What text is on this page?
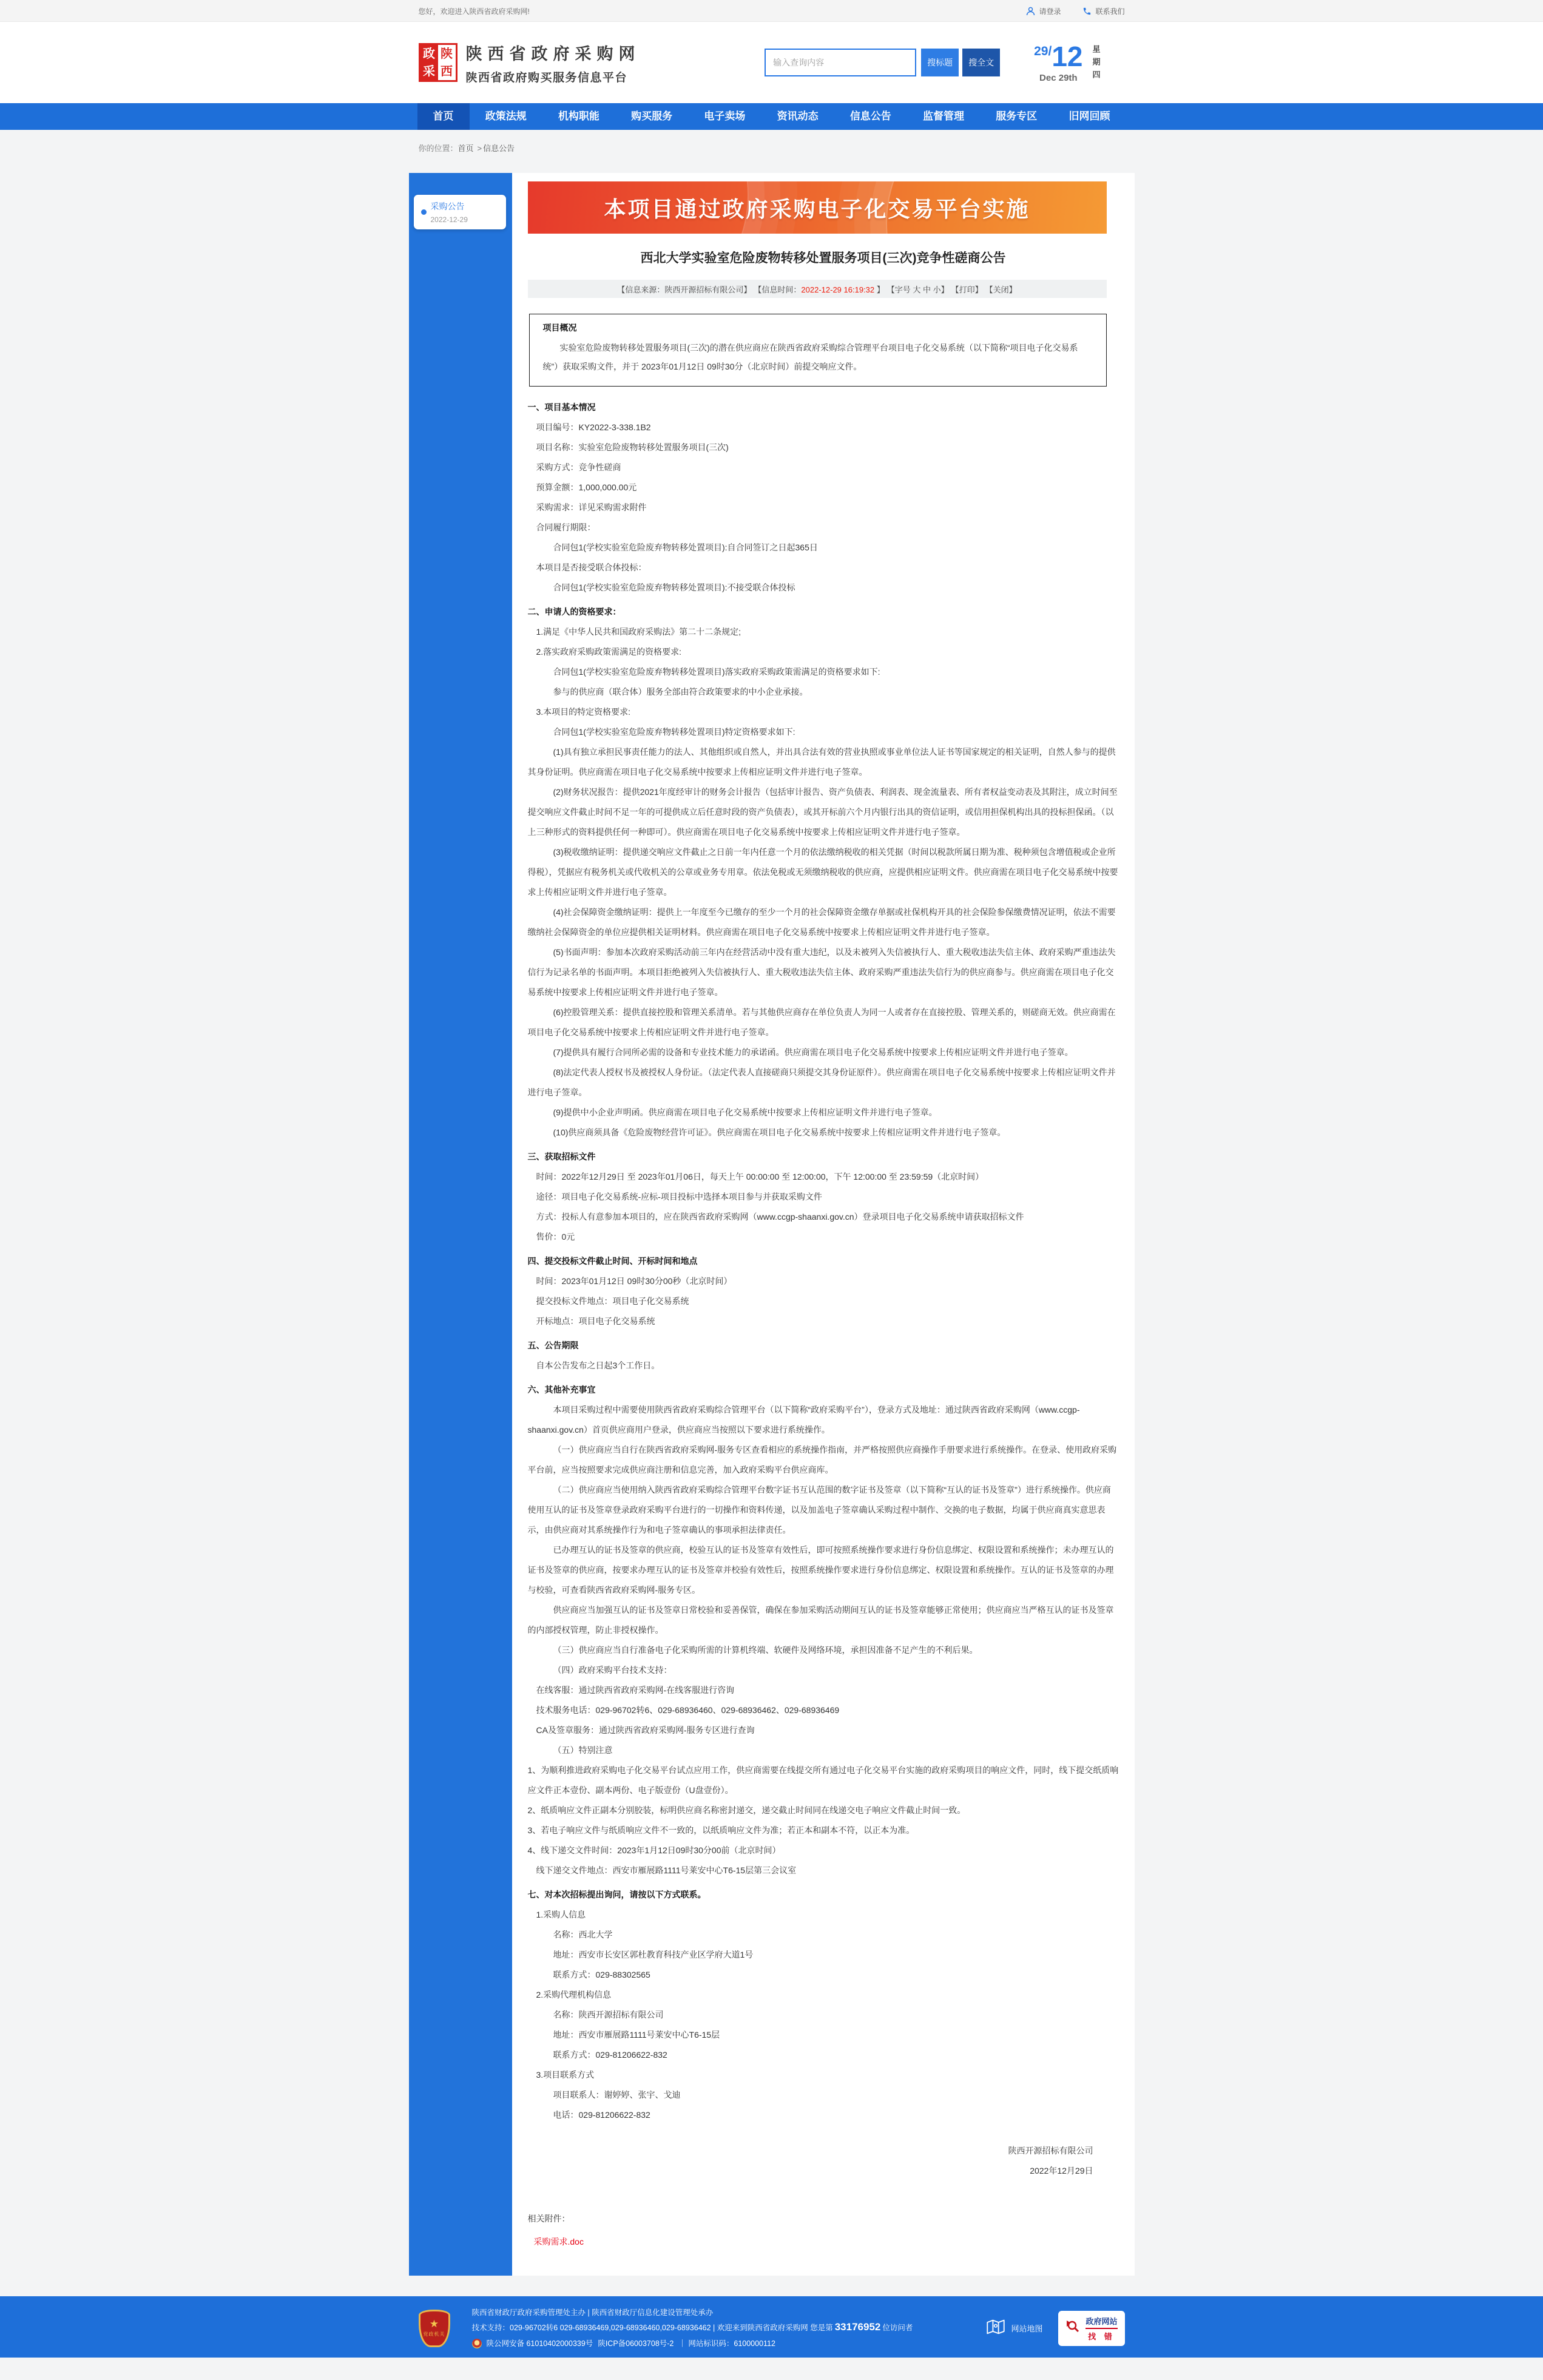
您好，欢迎进入陕西省政府采购网!	请登录	联系我们
政 陕
采 西
陕西省政府采购网
陕西省政府购买服务信息平台
输入查询内容
搜标题	搜全文
29/12
Dec 29th	星期四
首页	政策法规	机构职能	购买服务	电子卖场	资讯动态	信息公告	监督管理	服务专区	旧网回顾
你的位置：首页 > 信息公告
采购公告
2022-12-29	本项目通过政府采购电子化交易平台实施
西北大学实验室危险废物转移处置服务项目(三次)竞争性磋商公告
【信息来源：陕西开源招标有限公司】 【信息时间：2022-12-29 16:19:32 】 【字号 大 中 小】 【打印】 【关闭】
项目概况
实验室危险废物转移处置服务项目(三次)的潜在供应商应在陕西省政府采购综合管理平台项目电子化交易系统（以下简称“项目电子化交易系统”）获取采购文件，并于 2023年01月12日 09时30分（北京时间）前提交响应文件。

一、项目基本情况

项目编号：KY2022-3-338.1B2

项目名称：实验室危险废物转移处置服务项目(三次)

采购方式：竞争性磋商

预算金额：1,000,000.00元

采购需求：详见采购需求附件

合同履行期限：

合同包1(学校实验室危险废弃物转移处置项目):自合同签订之日起365日

本项目是否接受联合体投标：

合同包1(学校实验室危险废弃物转移处置项目):不接受联合体投标

二、申请人的资格要求：

1.满足《中华人民共和国政府采购法》第二十二条规定;

2.落实政府采购政策需满足的资格要求:

合同包1(学校实验室危险废弃物转移处置项目)落实政府采购政策需满足的资格要求如下:

参与的供应商（联合体）服务全部由符合政策要求的中小企业承接。

3.本项目的特定资格要求:

合同包1(学校实验室危险废弃物转移处置项目)特定资格要求如下:

(1)具有独立承担民事责任能力的法人、其他组织或自然人，并出具合法有效的营业执照或事业单位法人证书等国家规定的相关证明，自然人参与的提供其身份证明。供应商需在项目电子化交易系统中按要求上传相应证明文件并进行电子签章。

(2)财务状况报告：提供2021年度经审计的财务会计报告（包括审计报告、资产负债表、利润表、现金流量表、所有者权益变动表及其附注，成立时间至提交响应文件截止时间不足一年的可提供成立后任意时段的资产负债表），或其开标前六个月内银行出具的资信证明，或信用担保机构出具的投标担保函。（以上三种形式的资料提供任何一种即可）。供应商需在项目电子化交易系统中按要求上传相应证明文件并进行电子签章。

(3)税收缴纳证明：提供递交响应文件截止之日前一年内任意一个月的依法缴纳税收的相关凭据（时间以税款所属日期为准、税种须包含增值税或企业所得税），凭据应有税务机关或代收机关的公章或业务专用章。依法免税或无须缴纳税收的供应商，应提供相应证明文件。供应商需在项目电子化交易系统中按要求上传相应证明文件并进行电子签章。

(4)社会保障资金缴纳证明：提供上一年度至今已缴存的至少一个月的社会保障资金缴存单据或社保机构开具的社会保险参保缴费情况证明，依法不需要缴纳社会保障资金的单位应提供相关证明材料。供应商需在项目电子化交易系统中按要求上传相应证明文件并进行电子签章。

(5)书面声明：参加本次政府采购活动前三年内在经营活动中没有重大违纪，以及未被列入失信被执行人、重大税收违法失信主体、政府采购严重违法失信行为记录名单的书面声明。本项目拒绝被列入失信被执行人、重大税收违法失信主体、政府采购严重违法失信行为的供应商参与。供应商需在项目电子化交易系统中按要求上传相应证明文件并进行电子签章。

(6)控股管理关系：提供直接控股和管理关系清单。若与其他供应商存在单位负责人为同一人或者存在直接控股、管理关系的，则磋商无效。供应商需在项目电子化交易系统中按要求上传相应证明文件并进行电子签章。

(7)提供具有履行合同所必需的设备和专业技术能力的承诺函。供应商需在项目电子化交易系统中按要求上传相应证明文件并进行电子签章。

(8)法定代表人授权书及被授权人身份证。（法定代表人直接磋商只须提交其身份证原件）。供应商需在项目电子化交易系统中按要求上传相应证明文件并进行电子签章。

(9)提供中小企业声明函。供应商需在项目电子化交易系统中按要求上传相应证明文件并进行电子签章。

(10)供应商须具备《危险废物经营许可证》。供应商需在项目电子化交易系统中按要求上传相应证明文件并进行电子签章。

三、获取招标文件

时间：2022年12月29日 至 2023年01月06日，每天上午 00:00:00 至 12:00:00，下午 12:00:00 至 23:59:59（北京时间）

途径：项目电子化交易系统-应标-项目投标中选择本项目参与并获取采购文件

方式：投标人有意参加本项目的，应在陕西省政府采购网（www.ccgp-shaanxi.gov.cn）登录项目电子化交易系统申请获取招标文件

售价：0元

四、提交投标文件截止时间、开标时间和地点

时间：2023年01月12日 09时30分00秒（北京时间）

提交投标文件地点：项目电子化交易系统

开标地点：项目电子化交易系统

五、公告期限

自本公告发布之日起3个工作日。

六、其他补充事宜

本项目采购过程中需要使用陕西省政府采购综合管理平台（以下简称“政府采购平台”），登录方式及地址：通过陕西省政府采购网（www.ccgp-shaanxi.gov.cn）首页供应商用户登录，供应商应当按照以下要求进行系统操作。

（一）供应商应当自行在陕西省政府采购网-服务专区查看相应的系统操作指南，并严格按照供应商操作手册要求进行系统操作。在登录、使用政府采购平台前，应当按照要求完成供应商注册和信息完善，加入政府采购平台供应商库。

（二）供应商应当使用纳入陕西省政府采购综合管理平台数字证书互认范围的数字证书及签章（以下简称“互认的证书及签章”）进行系统操作。供应商使用互认的证书及签章登录政府采购平台进行的一切操作和资料传递，以及加盖电子签章确认采购过程中制作、交换的电子数据，均属于供应商真实意思表示，由供应商对其系统操作行为和电子签章确认的事项承担法律责任。

已办理互认的证书及签章的供应商，校验互认的证书及签章有效性后，即可按照系统操作要求进行身份信息绑定、权限设置和系统操作；未办理互认的证书及签章的供应商，按要求办理互认的证书及签章并校验有效性后，按照系统操作要求进行身份信息绑定、权限设置和系统操作。互认的证书及签章的办理与校验，可查看陕西省政府采购网-服务专区。

供应商应当加强互认的证书及签章日常校验和妥善保管，确保在参加采购活动期间互认的证书及签章能够正常使用；供应商应当严格互认的证书及签章的内部授权管理，防止非授权操作。

（三）供应商应当自行准备电子化采购所需的计算机终端、软硬件及网络环境，承担因准备不足产生的不利后果。

（四）政府采购平台技术支持：

在线客服：通过陕西省政府采购网-在线客服进行咨询

技术服务电话：029-96702转6、029-68936460、029-68936462、029-68936469

CA及签章服务：通过陕西省政府采购网-服务专区进行查询

（五）特别注意

1、为顺利推进政府采购电子化交易平台试点应用工作，供应商需要在线提交所有通过电子化交易平台实施的政府采购项目的响应文件，同时，线下提交纸质响应文件正本壹份、副本两份、电子版壹份（U盘壹份）。

2、纸质响应文件正副本分别胶装，标明供应商名称密封递交，递交截止时间同在线递交电子响应文件截止时间一致。

3、若电子响应文件与纸质响应文件不一致的，以纸质响应文件为准；若正本和副本不符，以正本为准。

4、线下递交文件时间：2023年1月12日09时30分00前（北京时间）

线下递交文件地点：西安市雁展路1111号莱安中心T6-15层第三会议室

七、对本次招标提出询问，请按以下方式联系。

1.采购人信息

名称：西北大学

地址：西安市长安区郭杜教育科技产业区学府大道1号

联系方式：029-88302565

2.采购代理机构信息

名称：陕西开源招标有限公司

地址：西安市雁展路1111号莱安中心T6-15层

联系方式：029-81206622-832

3.项目联系方式

项目联系人：谢婷婷、张宇、戈迪

电话：029-81206622-832

陕西开源招标有限公司
2022年12月29日
相关附件：
采购需求.doc
★
党政机关
陕西省财政厅政府采购管理处主办 | 陕西省财政厅信息化建设管理处承办
技术支持：029-96702转6 029-68936469,029-68936460,029-68936462 | 欢迎来到陕西省政府采购网 您是第 33176952 位访问者
陕公网安备 61010402000339号 陕ICP备06003708号-2 ｜ 网站标识码：6100000112
网站地图
政府网站
找 错
